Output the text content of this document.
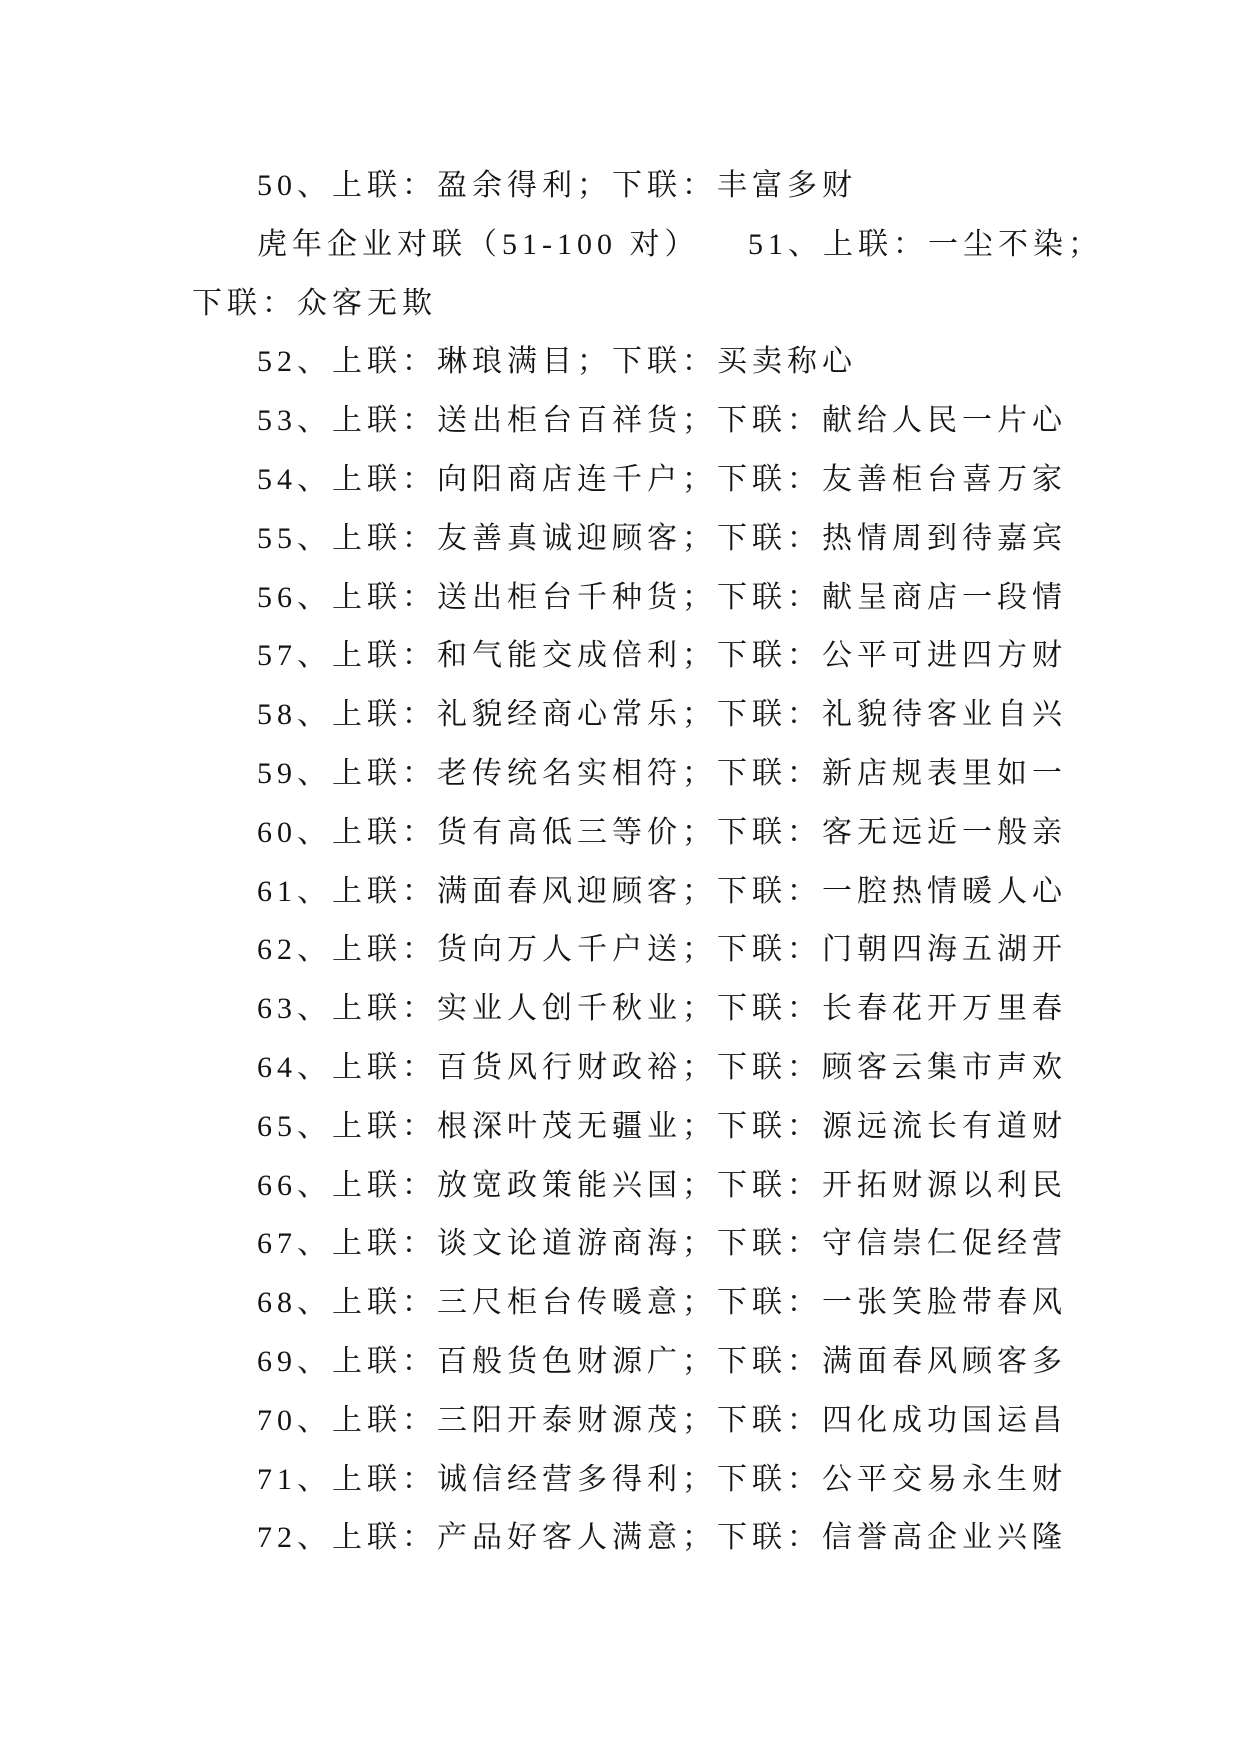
50、上联：盈余得利；下联：丰富多财
虎年企业对联（51-100 对） 51、上联：一尘不染；
下联：众客无欺
52、上联：琳琅满目；下联：买卖称心
53、上联：送出柜台百祥货；下联：献给人民一片心
54、上联：向阳商店连千户；下联：友善柜台喜万家
55、上联：友善真诚迎顾客；下联：热情周到待嘉宾
56、上联：送出柜台千种货；下联：献呈商店一段情
57、上联：和气能交成倍利；下联：公平可进四方财
58、上联：礼貌经商心常乐；下联：礼貌待客业自兴
59、上联：老传统名实相符；下联：新店规表里如一
60、上联：货有高低三等价；下联：客无远近一般亲
61、上联：满面春风迎顾客；下联：一腔热情暖人心
62、上联：货向万人千户送；下联：门朝四海五湖开
63、上联：实业人创千秋业；下联：长春花开万里春
64、上联：百货风行财政裕；下联：顾客云集市声欢
65、上联：根深叶茂无疆业；下联：源远流长有道财
66、上联：放宽政策能兴国；下联：开拓财源以利民
67、上联：谈文论道游商海；下联：守信崇仁促经营
68、上联：三尺柜台传暖意；下联：一张笑脸带春风
69、上联：百般货色财源广；下联：满面春风顾客多
70、上联：三阳开泰财源茂；下联：四化成功国运昌
71、上联：诚信经营多得利；下联：公平交易永生财
72、上联：产品好客人满意；下联：信誉高企业兴隆
